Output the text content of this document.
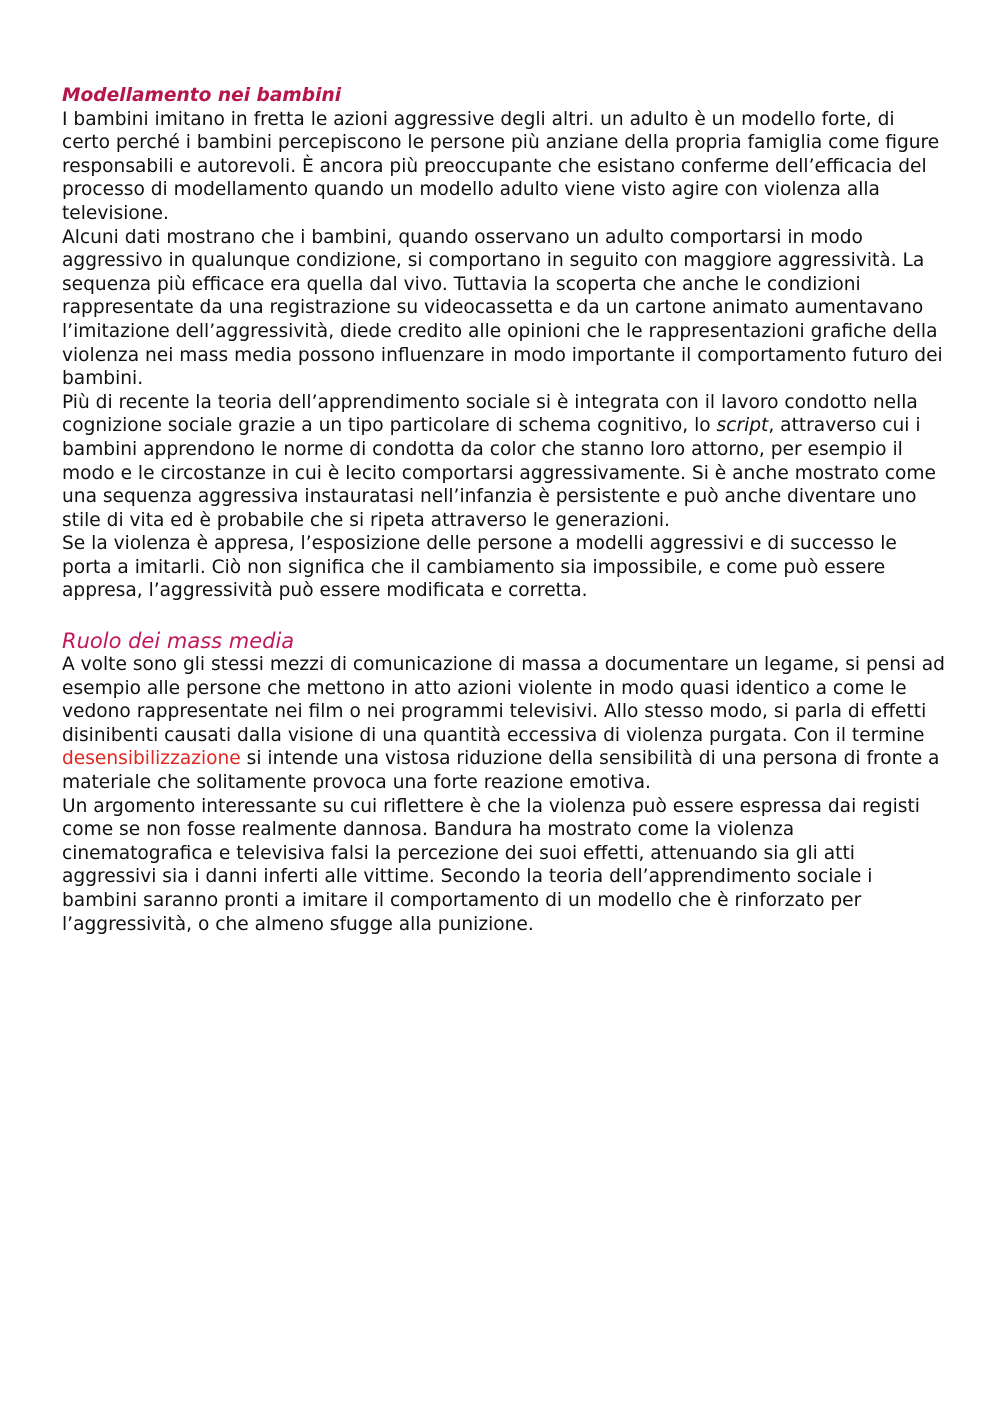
Modellamento nei bambini

I bambini imitano in fretta le azioni aggressive degli altri. un adulto è un modello forte, di certo perché i bambini percepiscono le persone più anziane della propria famiglia come figure responsabili e autorevoli. È ancora più preoccupante che esistano conferme dell’efficacia del processo di modellamento quando un modello adulto viene visto agire con violenza alla televisione.

Alcuni dati mostrano che i bambini, quando osservano un adulto comportarsi in modo aggressivo in qualunque condizione, si comportano in seguito con maggiore aggressività. La sequenza più efficace era quella dal vivo. Tuttavia la scoperta che anche le condizioni rappresentate da una registrazione su videocassetta e da un cartone animato aumentavano l’imitazione dell’aggressività, diede credito alle opinioni che le rappresentazioni grafiche della violenza nei mass media possono influenzare in modo importante il comportamento futuro dei bambini.

Più di recente la teoria dell’apprendimento sociale si è integrata con il lavoro condotto nella cognizione sociale grazie a un tipo particolare di schema cognitivo, lo script, attraverso cui i bambini apprendono le norme di condotta da color che stanno loro attorno, per esempio il modo e le circostanze in cui è lecito comportarsi aggressivamente. Si è anche mostrato come una sequenza aggressiva instauratasi nell’infanzia è persistente e può anche diventare uno stile di vita ed è probabile che si ripeta attraverso le generazioni.

Se la violenza è appresa, l’esposizione delle persone a modelli aggressivi e di successo le porta a imitarli. Ciò non significa che il cambiamento sia impossibile, e come può essere appresa, l’aggressività può essere modificata e corretta.

Ruolo dei mass media

A volte sono gli stessi mezzi di comunicazione di massa a documentare un legame, si pensi ad esempio alle persone che mettono in atto azioni violente in modo quasi identico a come le vedono rappresentate nei film o nei programmi televisivi. Allo stesso modo, si parla di effetti disinibenti causati dalla visione di una quantità eccessiva di violenza purgata. Con il termine desensibilizzazione si intende una vistosa riduzione della sensibilità di una persona di fronte a materiale che solitamente provoca una forte reazione emotiva.

Un argomento interessante su cui riflettere è che la violenza può essere espressa dai registi come se non fosse realmente dannosa. Bandura ha mostrato come la violenza cinematografica e televisiva falsi la percezione dei suoi effetti, attenuando sia gli atti aggressivi sia i danni inferti alle vittime. Secondo la teoria dell’apprendimento sociale i bambini saranno pronti a imitare il comportamento di un modello che è rinforzato per l’aggressività, o che almeno sfugge alla punizione.
